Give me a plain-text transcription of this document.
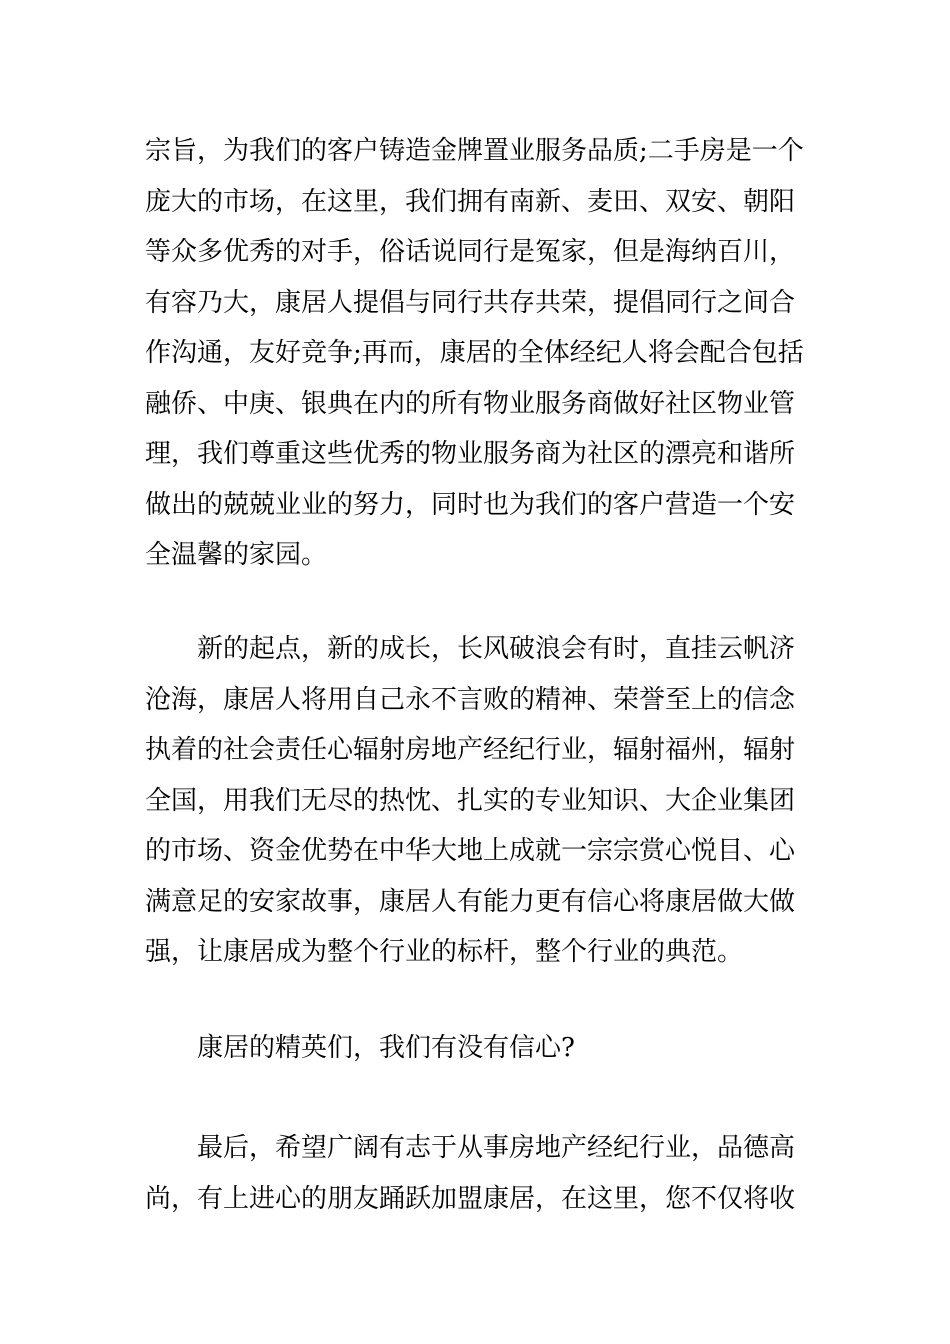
宗旨，为我们的客户铸造金牌置业服务品质;二手房是一个
庞大的市场，在这里，我们拥有南新、麦田、双安、朝阳
等众多优秀的对手，俗话说同行是冤家，但是海纳百川，
有容乃大，康居人提倡与同行共存共荣，提倡同行之间合
作沟通，友好竞争;再而，康居的全体经纪人将会配合包括
融侨、中庚、银典在内的所有物业服务商做好社区物业管
理，我们尊重这些优秀的物业服务商为社区的漂亮和谐所
做出的兢兢业业的努力，同时也为我们的客户营造一个安
全温馨的家园。
新的起点，新的成长，长风破浪会有时，直挂云帆济
沧海，康居人将用自己永不言败的精神、荣誉至上的信念
执着的社会责任心辐射房地产经纪行业，辐射福州，辐射
全国，用我们无尽的热忱、扎实的专业知识、大企业集团
的市场、资金优势在中华大地上成就一宗宗赏心悦目、心
满意足的安家故事，康居人有能力更有信心将康居做大做
强，让康居成为整个行业的标杆，整个行业的典范。
康居的精英们，我们有没有信心?
最后，希望广阔有志于从事房地产经纪行业，品德高
尚，有上进心的朋友踊跃加盟康居，在这里，您不仅将收
